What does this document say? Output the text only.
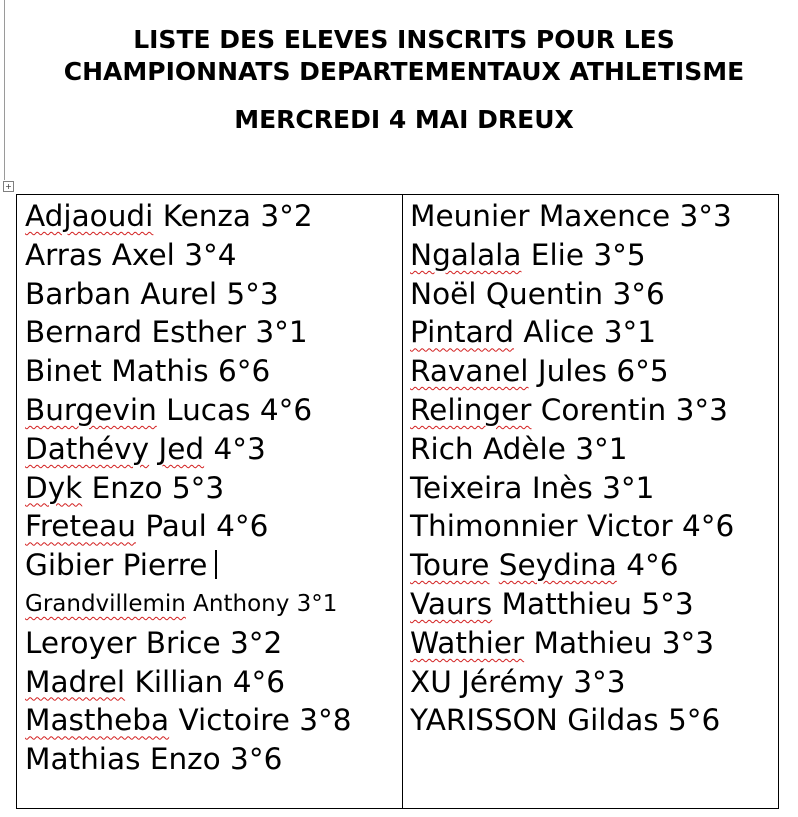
LISTE DES ELEVES INSCRITS POUR LES
CHAMPIONNATS DEPARTEMENTAUX ATHLETISME
MERCREDI 4 MAI DREUX
+
Adjaoudi Kenza 3°2
Arras Axel 3°4
Barban Aurel 5°3
Bernard Esther 3°1
Binet Mathis 6°6
Burgevin Lucas 4°6
Dathévy Jed 4°3
Dyk Enzo 5°3
Freteau Paul 4°6
Gibier Pierre
Grandvillemin Anthony 3°1
Leroyer Brice 3°2
Madrel Killian 4°6
Mastheba Victoire 3°8
Mathias Enzo 3°6
Meunier Maxence 3°3
Ngalala Elie 3°5
Noël Quentin 3°6
Pintard Alice 3°1
Ravanel Jules 6°5
Relinger Corentin 3°3
Rich Adèle 3°1
Teixeira Inès 3°1
Thimonnier Victor 4°6
Toure Seydina 4°6
Vaurs Matthieu 5°3
Wathier Mathieu 3°3
XU Jérémy 3°3
YARISSON Gildas 5°6
